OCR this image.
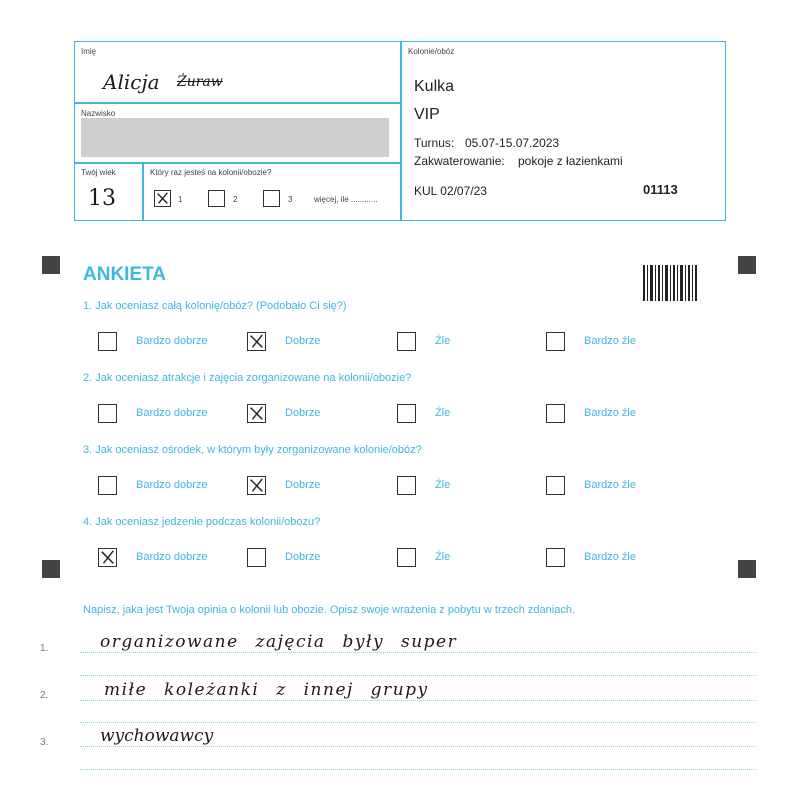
Imię
Alicja Żuraw
Nazwisko
Twój wiek
13
Który raz jesteś na kolonii/obozie?
1	2	3	więcej, ile ............
Kolonie/obóz
Kulka
VIP
Turnus: 05.07-15.07.2023
Zakwaterowanie: pokoje z łazienkami
KUL 02/07/23	01113
ANKIETA
1. Jak oceniasz całą kolonię/obóz? (Podobało Ci się?)
2. Jak oceniasz atrakcje i zajęcia zorganizowane na kolonii/obozie?
3. Jak oceniasz ośrodek, w którym były zorganizowane kolonie/obóz?
4. Jak oceniasz jedzenie podczas kolonii/obozu?
Bardzo dobrze	Dobrze	Źle	Bardzo źle
Bardzo dobrze	Dobrze	Źle	Bardzo źle
Bardzo dobrze	Dobrze	Źle	Bardzo źle
Bardzo dobrze	Dobrze	Źle	Bardzo źle
Napisz, jaka jest Twoja opinia o kolonii lub obozie. Opisz swoje wrażenia z pobytu w trzech zdaniach.
1.
2.
3.
organizowane zajęcia były super
miłe koleżanki z innej grupy
wychowawcy
